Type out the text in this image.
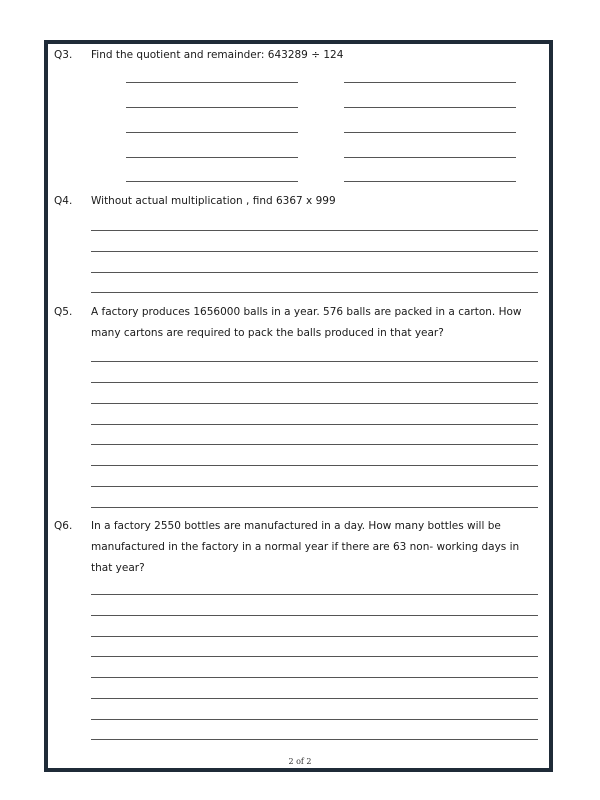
Q3. Find the quotient and remainder: 643289 ÷ 124
Q4. Without actual multiplication , find 6367 x 999
Q5. A factory produces 1656000 balls in a year. 576 balls are packed in a carton. How many cartons are required to pack the balls produced in that year?
Q6. In a factory 2550 bottles are manufactured in a day. How many bottles will be manufactured in the factory in a normal year if there are 63 non- working days in that year?
2 of 2
